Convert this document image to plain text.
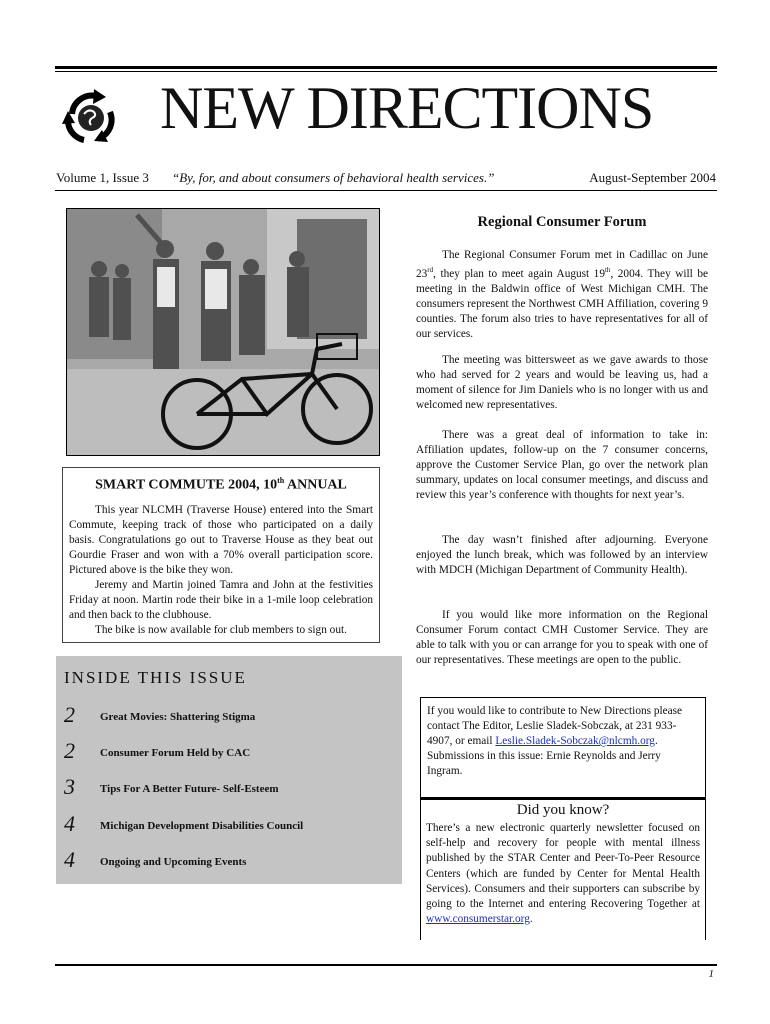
NEW DIRECTIONS
Volume 1, Issue 3 “By, for, and about consumers of behavioral health services.”	August-September 2004
SMART COMMUTE 2004, 10th ANNUAL

This year NLCMH (Traverse House) entered into the Smart Commute, keeping track of those who participated on a daily basis. Congratulations go out to Traverse House as they beat out Gourdie Fraser and won with a 70% overall participation score. Pictured above is the bike they won.

Jeremy and Martin joined Tamra and John at the festivities Friday at noon. Martin rode their bike in a 1-mile loop celebration and then back to the clubhouse.

The bike is now available for club members to sign out.

INSIDE THIS ISSUE
2 Great Movies: Shattering Stigma
2 Consumer Forum Held by CAC
3 Tips For A Better Future- Self-Esteem
4 Michigan Development Disabilities Council
4 Ongoing and Upcoming Events
Regional Consumer Forum

The Regional Consumer Forum met in Cadillac on June 23rd, they plan to meet again August 19th, 2004. They will be meeting in the Baldwin office of West Michigan CMH. The consumers represent the Northwest CMH Affiliation, covering 9 counties. The forum also tries to have representatives for all of our services.

The meeting was bittersweet as we gave awards to those who had served for 2 years and would be leaving us, had a moment of silence for Jim Daniels who is no longer with us and welcomed new representatives.

There was a great deal of information to take in: Affiliation updates, follow-up on the 7 consumer concerns, approve the Customer Service Plan, go over the network plan summary, updates on local consumer meetings, and discuss and review this year’s conference with thoughts for next year’s.

The day wasn’t finished after adjourning. Everyone enjoyed the lunch break, which was followed by an interview with MDCH (Michigan Department of Community Health).

If you would like more information on the Regional Consumer Forum contact CMH Customer Service. They are able to talk with you or can arrange for you to speak with one of our representatives. These meetings are open to the public.

If you would like to contribute to New Directions please contact The Editor, Leslie Sladek-Sobczak, at 231 933-4907, or email Leslie.Sladek-Sobczak@nlcmh.org.
Submissions in this issue: Ernie Reynolds and Jerry Ingram.
Did you know?
There’s a new electronic quarterly newsletter focused on self-help and recovery for people with mental illness published by the STAR Center and Peer-To-Peer Resource Centers (which are funded by Center for Mental Health Services). Consumers and their supporters can subscribe by going to the Internet and entering Recovering Together at www.consumerstar.org.
1
